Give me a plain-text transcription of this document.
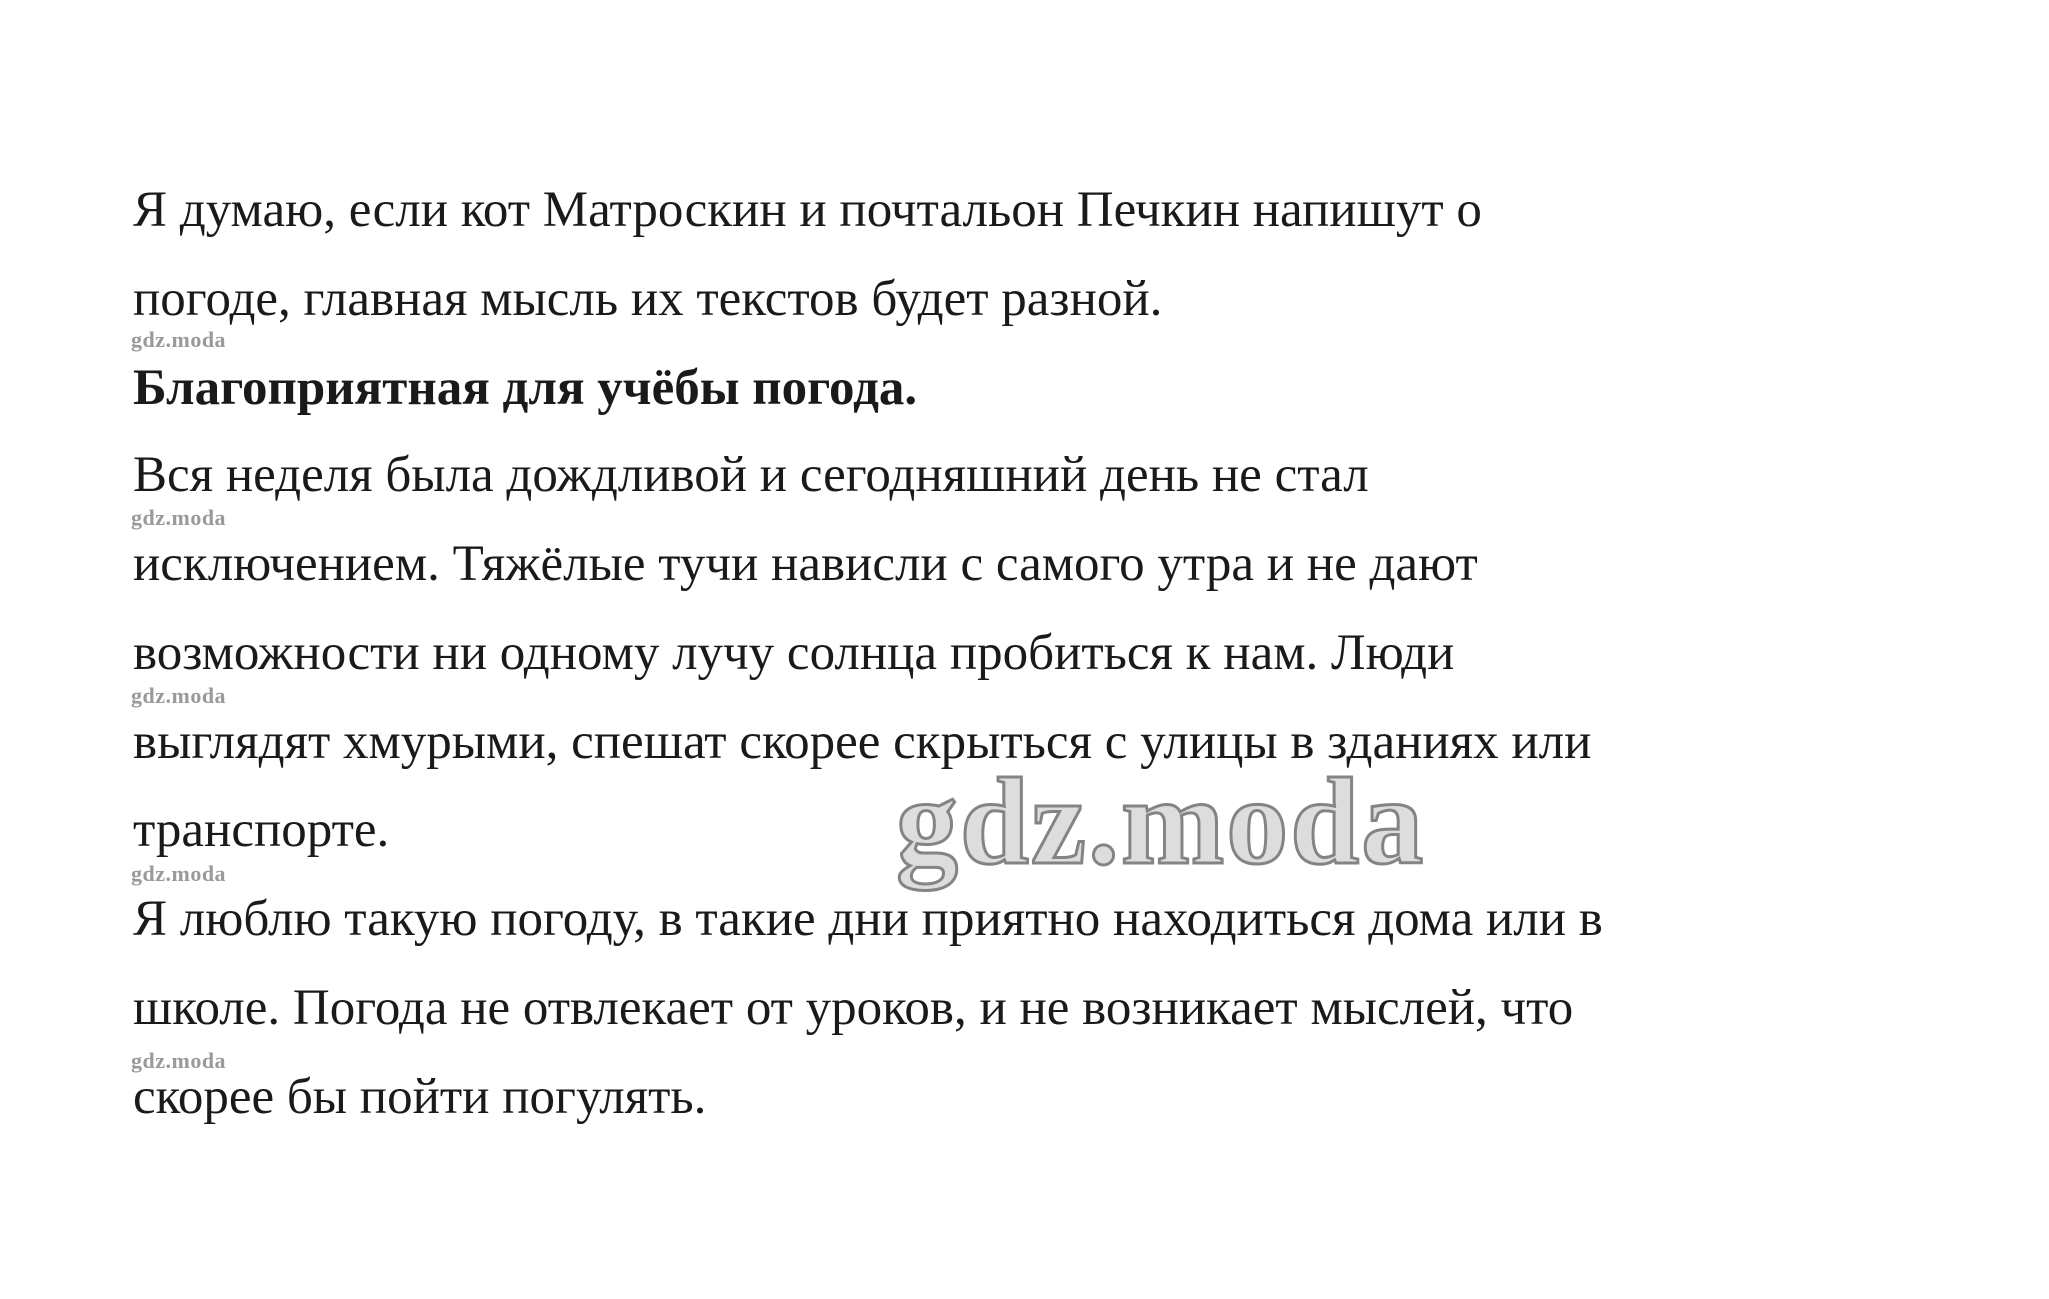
Я думаю, если кот Матроскин и почтальон Печкин напишут о

погоде, главная мысль их текстов будет разной.

gdz.moda

Благоприятная для учёбы погода.

Вся неделя была дождливой и сегодняшний день не стал

gdz.moda

исключением. Тяжёлые тучи нависли с самого утра и не дают

возможности ни одному лучу солнца пробиться к нам. Люди

gdz.moda

выглядят хмурыми, спешат скорее скрыться с улицы в зданиях или

транспорте.

gdz.moda

Я люблю такую погоду, в такие дни приятно находиться дома или в

школе. Погода не отвлекает от уроков, и не возникает мыслей, что

gdz.moda

скорее бы пойти погулять.

gdz.moda
